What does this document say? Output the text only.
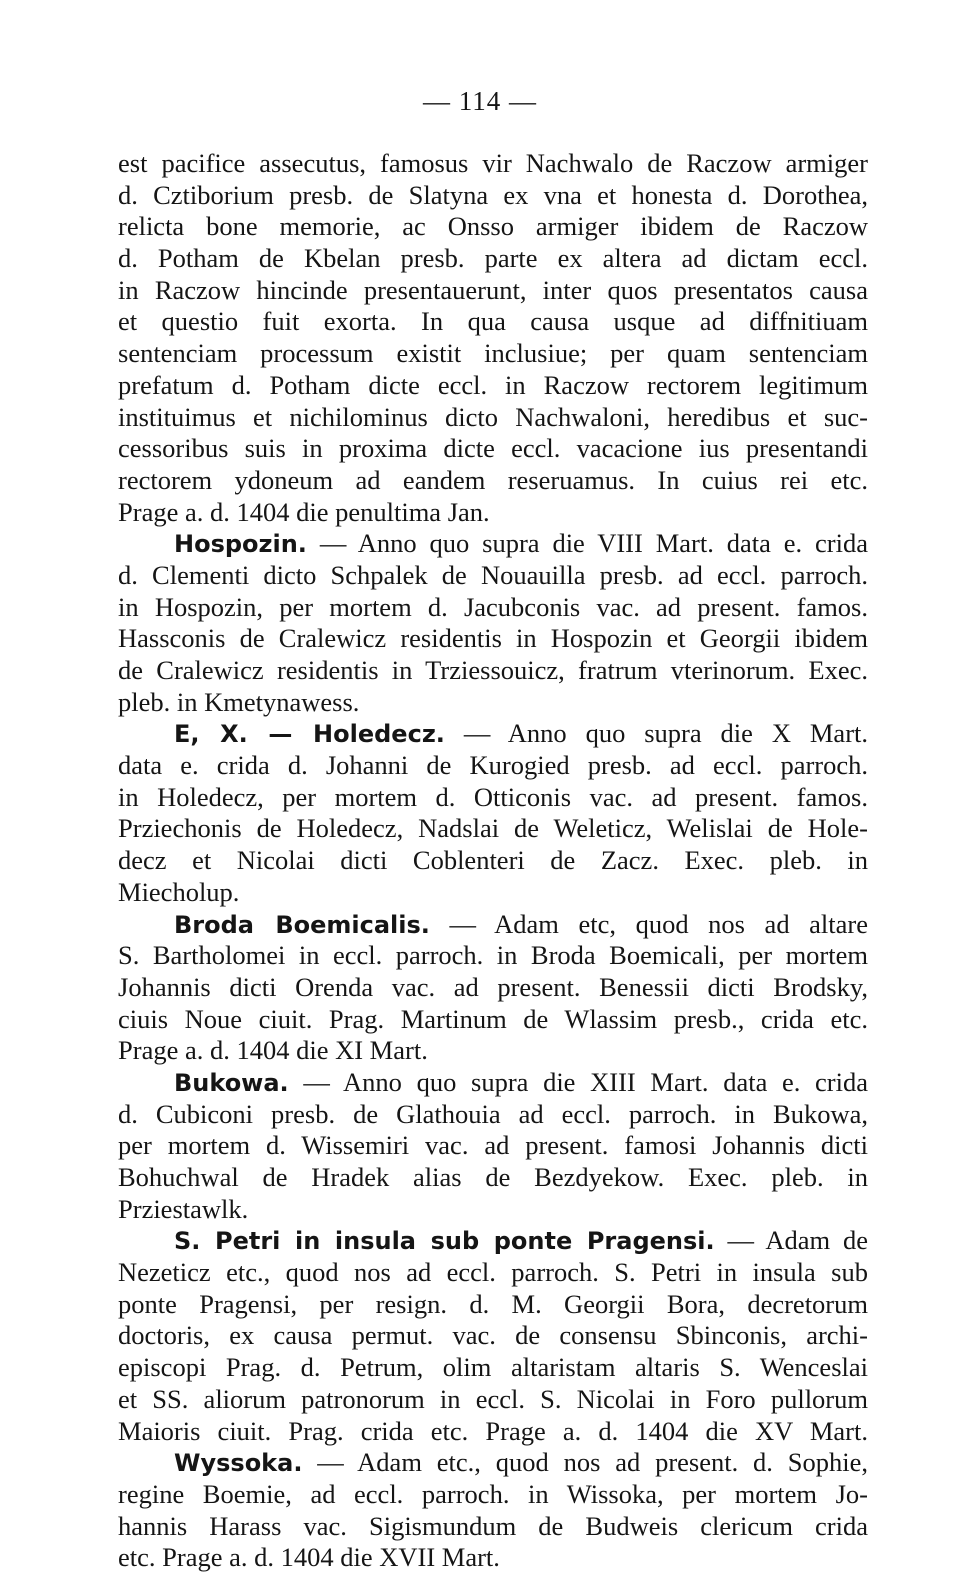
— 114 —
est pacifice assecutus, famosus vir Nachwalo de Raczow armiger
d. Cztiborium presb. de Slatyna ex vna et honesta d. Dorothea,
relicta bone memorie, ac Onsso armiger ibidem de Raczow
d. Potham de Kbelan presb. parte ex altera ad dictam eccl.
in Raczow hincinde presentauerunt, inter quos presentatos causa
et questio fuit exorta. In qua causa usque ad diffnitiuam
sentenciam processum existit inclusiue; per quam sentenciam
prefatum d. Potham dicte eccl. in Raczow rectorem legitimum
instituimus et nichilominus dicto Nachwaloni, heredibus et suc-
cessoribus suis in proxima dicte eccl. vacacione ius presentandi
rectorem ydoneum ad eandem reseruamus. In cuius rei etc.
Prage a. d. 1404 die penultima Jan.
Hospozin. — Anno quo supra die VIII Mart. data e. crida
d. Clementi dicto Schpalek de Nouauilla presb. ad eccl. parroch.
in Hospozin, per mortem d. Jacubconis vac. ad present. famos.
Hassconis de Cralewicz residentis in Hospozin et Georgii ibidem
de Cralewicz residentis in Trziessouicz, fratrum vterinorum. Exec.
pleb. in Kmetynawess.
E, X. — Holedecz. — Anno quo supra die X Mart.
data e. crida d. Johanni de Kurogied presb. ad eccl. parroch.
in Holedecz, per mortem d. Otticonis vac. ad present. famos.
Prziechonis de Holedecz, Nadslai de Weleticz, Welislai de Hole-
decz et Nicolai dicti Coblenteri de Zacz. Exec. pleb. in
Miecholup.
Broda Boemicalis. — Adam etc, quod nos ad altare
S. Bartholomei in eccl. parroch. in Broda Boemicali, per mortem
Johannis dicti Orenda vac. ad present. Benessii dicti Brodsky,
ciuis Noue ciuit. Prag. Martinum de Wlassim presb., crida etc.
Prage a. d. 1404 die XI Mart.
Bukowa. — Anno quo supra die XIII Mart. data e. crida
d. Cubiconi presb. de Glathouia ad eccl. parroch. in Bukowa,
per mortem d. Wissemiri vac. ad present. famosi Johannis dicti
Bohuchwal de Hradek alias de Bezdyekow. Exec. pleb. in
Prziestawlk.
S. Petri in insula sub ponte Pragensi. — Adam de
Nezeticz etc., quod nos ad eccl. parroch. S. Petri in insula sub
ponte Pragensi, per resign. d. M. Georgii Bora, decretorum
doctoris, ex causa permut. vac. de consensu Sbinconis, archi-
episcopi Prag. d. Petrum, olim altaristam altaris S. Wenceslai
et SS. aliorum patronorum in eccl. S. Nicolai in Foro pullorum
Maioris ciuit. Prag. crida etc. Prage a. d. 1404 die XV Mart.
Wyssoka. — Adam etc., quod nos ad present. d. Sophie,
regine Boemie, ad eccl. parroch. in Wissoka, per mortem Jo-
hannis Harass vac. Sigismundum de Budweis clericum crida
etc. Prage a. d. 1404 die XVII Mart.
